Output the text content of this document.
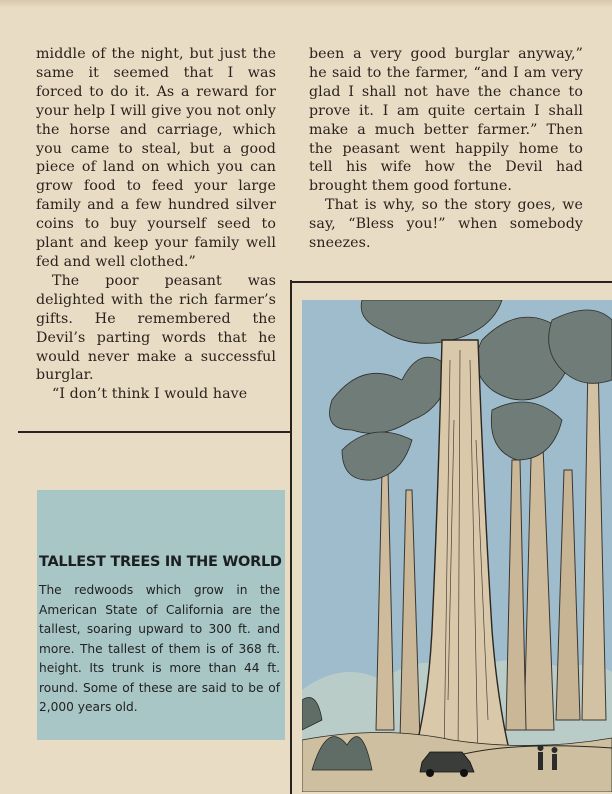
middle of the night, but just the same it seemed that I was forced to do it. As a reward for your help I will give you not only the horse and carriage, which you came to steal, but a good piece of land on which you can grow food to feed your large family and a few hundred silver coins to buy yourself seed to plant and keep your family well fed and well clothed.”

The poor peasant was delighted with the rich farmer’s gifts. He remembered the Devil’s parting words that he would never make a successful burglar.

“I don’t think I would have

been a very good burglar anyway,” he said to the farmer, “and I am very glad I shall not have the chance to prove it. I am quite certain I shall make a much better farmer.” Then the peasant went happily home to tell his wife how the Devil had brought them good fortune.

That is why, so the story goes, we say, “Bless you!” when somebody sneezes.

TALLEST TREES IN THE WORLD
The redwoods which grow in the American State of California are the tallest, soaring upward to 300 ft. and more. The tallest of them is of 368 ft. height. Its trunk is more than 44 ft. round. Some of these are said to be of 2,000 years old.
